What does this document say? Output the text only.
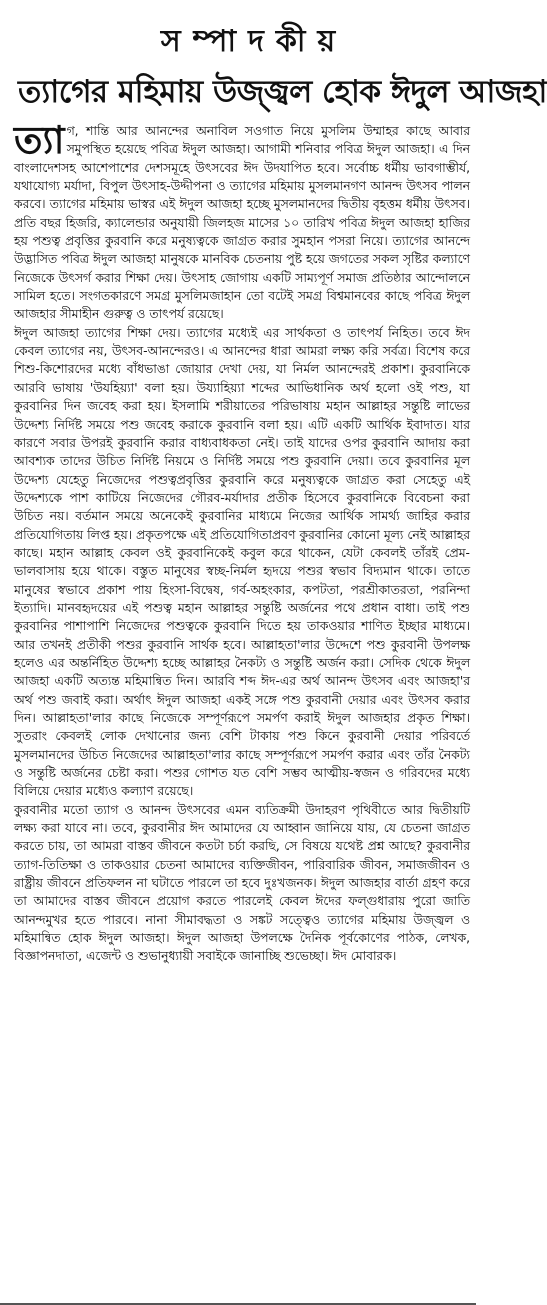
সম্পাদকীয়
ত্যাগের মহিমায় উজ্জ্বল হোক ঈদুল আজহা

ত্যা গ, শান্তি আর আনন্দের অনাবিল সওগাত নিয়ে মুসলিম উম্মাহর কাছে আবার সমুপস্থিত হয়েছে পবিত্র ঈদুল আজহা। আগামী শনিবার পবিত্র ঈদুল আজহা। এ দিন বাংলাদেশসহ আশেপাশের দেশসমূহে উৎসবের ঈদ উদযাপিত হবে। সর্বোচ্চ ধর্মীয় ভাবগাম্ভীর্য, যথাযোগ্য মর্যাদা, বিপুল উৎসাহ-উদ্দীপনা ও ত্যাগের মহিমায় মুসলমানগণ আনন্দ উৎসব পালন করবে। ত্যাগের মহিমায় ভাস্বর এই ঈদুল আজহা হচ্ছে মুসলমানদের দ্বিতীয় বৃহত্তম ধর্মীয় উৎসব। প্রতি বছর হিজরি, ক্যালেন্ডার অনুযায়ী জিলহজ মাসের ১০ তারিখ পবিত্র ঈদুল আজহা হাজির হয় পশুত্ব প্রবৃত্তির কুরবানি করে মনুষ্যত্বকে জাগ্রত করার সুমহান পসরা নিয়ে। ত্যাগের আনন্দে উদ্ভাসিত পবিত্র ঈদুল আজহা মানুষকে মানবিক চেতনায় পুষ্ট হয়ে জগতের সকল সৃষ্টির কল্যাণে নিজেকে উৎসর্গ করার শিক্ষা দেয়। উৎসাহ জোগায় একটি সাম্যপূর্ণ সমাজ প্রতিষ্ঠার আন্দোলনে সামিল হতে। সংগতকারণে সমগ্র মুসলিমজাহান তো বটেই সমগ্র বিশ্বমানবের কাছে পবিত্র ঈদুল আজহার সীমাহীন গুরুত্ব ও তাৎপর্য রয়েছে।

ঈদুল আজহা ত্যাগের শিক্ষা দেয়। ত্যাগের মধ্যেই এর সার্থকতা ও তাৎপর্য নিহিত। তবে ঈদ কেবল ত্যাগের নয়, উৎসব-আনন্দেরও। এ আনন্দের ধারা আমরা লক্ষ্য করি সর্বত্র। বিশেষ করে শিশু-কিশোরদের মধ্যে বাঁধভাঙা জোয়ার দেখা দেয়, যা নির্মল আনন্দেরই প্রকাশ। কুরবানিকে আরবি ভাষায় 'উযহিয়্যা' বলা হয়। উয্যাহিয়্যা শব্দের আভিধানিক অর্থ হলো ওই পশু, যা কুরবানির দিন জবেহ করা হয়। ইসলামি শরীয়াতের পরিভাষায় মহান আল্লাহর সন্তুষ্টি লাভের উদ্দেশ্য নির্দিষ্ট সময়ে পশু জবেহ করাকে কুরবানি বলা হয়। এটি একটি আর্থিক ইবাদাত। যার কারণে সবার উপরই কুরবানি করার বাধ্যবাধকতা নেই। তাই যাদের ওপর কুরবানি আদায় করা আবশ্যক তাদের উচিত নির্দিষ্ট নিয়মে ও নির্দিষ্ট সময়ে পশু কুরবানি দেয়া। তবে কুরবানির মূল উদ্দেশ্য যেহেতু নিজেদের পশুত্বপ্রবৃত্তির কুরবানি করে মনুষ্যত্বকে জাগ্রত করা সেহেতু এই উদ্দেশ্যকে পাশ কাটিয়ে নিজেদের গৌরব-মর্যাদার প্রতীক হিসেবে কুরবানিকে বিবেচনা করা উচিত নয়। বর্তমান সময়ে অনেকেই কুরবানির মাধ্যমে নিজের আর্থিক সামর্থ্য জাহির করার প্রতিযোগিতায় লিপ্ত হয়। প্রকৃতপক্ষে এই প্রতিযোগিতাপ্রবণ কুরবানির কোনো মূল্য নেই আল্লাহর কাছে। মহান আল্লাহ কেবল ওই কুরবানিকেই কবুল করে থাকেন, যেটা কেবলই তাঁরই প্রেম-ভালবাসায় হয়ে থাকে। বস্তুত মানুষের স্বচ্ছ-নির্মল হৃদয়ে পশুর স্বভাব বিদ্যমান থাকে। তাতে মানুষের স্বভাবে প্রকাশ পায় হিংসা-বিদ্বেষ, গর্ব-অহংকার, কপটতা, পরশ্রীকাতরতা, পরনিন্দা ইত্যাদি। মানবহৃদয়ের এই পশুত্ব মহান আল্লাহর সন্তুষ্টি অর্জনের পথে প্রধান বাধা। তাই পশু কুরবানির পাশাপাশি নিজেদের পশুত্বকে কুরবানি দিতে হয় তাকওয়ার শাণিত ইচ্ছার মাধ্যমে। আর তখনই প্রতীকী পশুর কুরবানি সার্থক হবে। আল্লাহতা'লার উদ্দেশে পশু কুরবানী উপলক্ষ হলেও এর অন্তর্নিহিত উদ্দেশ্য হচ্ছে আল্লাহর নৈকট্য ও সন্তুষ্টি অর্জন করা। সেদিক থেকে ঈদুল আজহা একটি অত্যন্ত মহিমান্বিত দিন। আরবি শব্দ ঈদ-এর অর্থ আনন্দ উৎসব এবং আজহা'র অর্থ পশু জবাই করা। অর্থাৎ ঈদুল আজহা একই সঙ্গে পশু কুরবানী দেয়ার এবং উৎসব করার দিন। আল্লাহতা'লার কাছে নিজেকে সম্পূর্ণরূপে সমর্পণ করাই ঈদুল আজহার প্রকৃত শিক্ষা। সুতরাং কেবলই লোক দেখানোর জন্য বেশি টাকায় পশু কিনে কুরবানী দেয়ার পরিবর্তে মুসলমানদের উচিত নিজেদের আল্লাহতা'লার কাছে সম্পূর্ণরূপে সমর্পণ করার এবং তাঁর নৈকট্য ও সন্তুষ্টি অর্জনের চেষ্টা করা। পশুর গোশত যত বেশি সম্ভব আত্মীয়-স্বজন ও গরিবদের মধ্যে বিলিয়ে দেয়ার মধ্যেও কল্যাণ রয়েছে।

কুরবানীর মতো ত্যাগ ও আনন্দ উৎসবের এমন ব্যতিক্রমী উদাহরণ পৃথিবীতে আর দ্বিতীয়টি লক্ষ্য করা যাবে না। তবে, কুরবানীর ঈদ আমাদের যে আহ্বান জানিয়ে যায়, যে চেতনা জাগ্রত করতে চায়, তা আমরা বাস্তব জীবনে কতটা চর্চা করছি, সে বিষয়ে যথেষ্ট প্রশ্ন আছে? কুরবানীর ত্যাগ-তিতিক্ষা ও তাকওয়ার চেতনা আমাদের ব্যক্তিজীবন, পারিবারিক জীবন, সমাজজীবন ও রাষ্ট্রীয় জীবনে প্রতিফলন না ঘটাতে পারলে তা হবে দুঃখজনক। ঈদুল আজহার বার্তা গ্রহণ করে তা আমাদের বাস্তব জীবনে প্রয়োগ করতে পারলেই কেবল ঈদের ফল্গুধারায় পুরো জাতি আনন্দমুখর হতে পারবে। নানা সীমাবদ্ধতা ও সঙ্কট সত্ত্বেও ত্যাগের মহিমায় উজ্জ্বল ও মহিমান্বিত হোক ঈদুল আজহা। ঈদুল আজহা উপলক্ষে দৈনিক পূর্বকোণের পাঠক, লেখক, বিজ্ঞাপনদাতা, এজেন্ট ও শুভানুধ্যায়ী সবাইকে জানাচ্ছি শুভেচ্ছা। ঈদ মোবারক।
